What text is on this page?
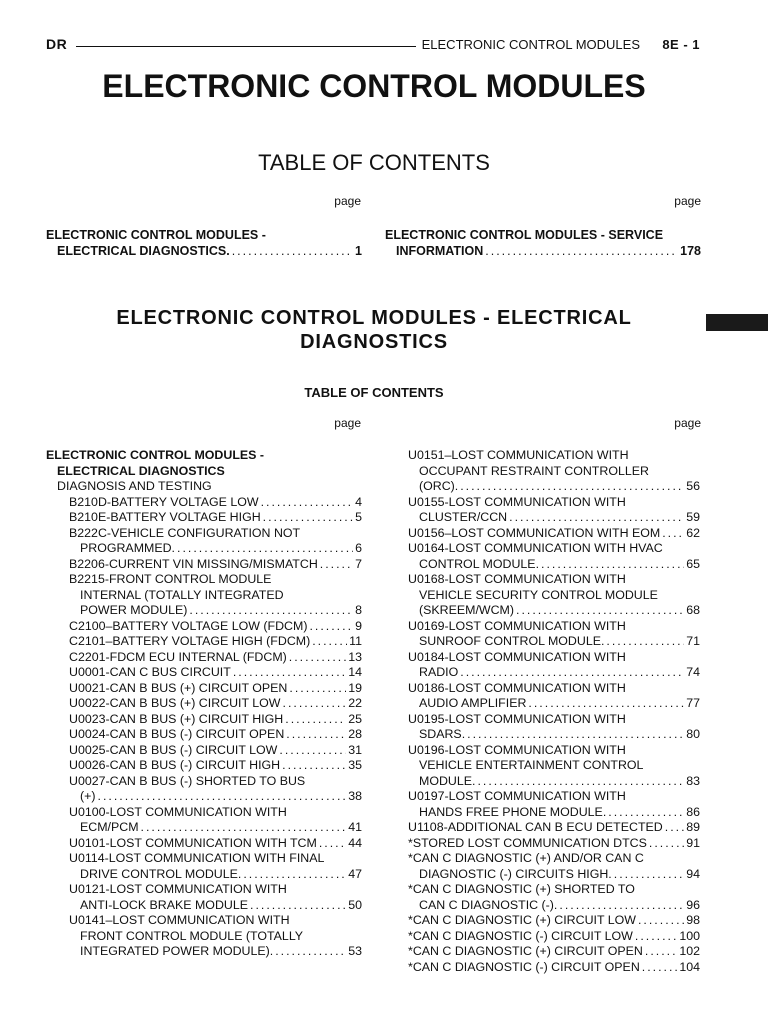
DR	ELECTRONIC CONTROL MODULES 8E - 1
ELECTRONIC CONTROL MODULES
TABLE OF CONTENTS
page	page
ELECTRONIC CONTROL MODULES -
ELECTRICAL DIAGNOSTICS. .....	1
ELECTRONIC CONTROL MODULES - SERVICE
INFORMATION .....	178
ELECTRONIC CONTROL MODULES - ELECTRICAL
DIAGNOSTICS
TABLE OF CONTENTS
page	page
ELECTRONIC CONTROL MODULES -
ELECTRICAL DIAGNOSTICS
DIAGNOSIS AND TESTING
B210D-BATTERY VOLTAGE LOW .....	4
B210E-BATTERY VOLTAGE HIGH .....	5
B222C-VEHICLE CONFIGURATION NOT
PROGRAMMED. .....	6
B2206-CURRENT VIN MISSING/MISMATCH .....	7
B2215-FRONT CONTROL MODULE
INTERNAL (TOTALLY INTEGRATED
POWER MODULE) .....	8
C2100–BATTERY VOLTAGE LOW (FDCM) .....	9
C2101–BATTERY VOLTAGE HIGH (FDCM) .....	11
C2201-FDCM ECU INTERNAL (FDCM) .....	13
U0001-CAN C BUS CIRCUIT .....	14
U0021-CAN B BUS (+) CIRCUIT OPEN .....	19
U0022-CAN B BUS (+) CIRCUIT LOW .....	22
U0023-CAN B BUS (+) CIRCUIT HIGH .....	25
U0024-CAN B BUS (-) CIRCUIT OPEN .....	28
U0025-CAN B BUS (-) CIRCUIT LOW .....	31
U0026-CAN B BUS (-) CIRCUIT HIGH .....	35
U0027-CAN B BUS (-) SHORTED TO BUS
(+) .....	38
U0100-LOST COMMUNICATION WITH
ECM/PCM .....	41
U0101-LOST COMMUNICATION WITH TCM .....	44
U0114-LOST COMMUNICATION WITH FINAL
DRIVE CONTROL MODULE. .....	47
U0121-LOST COMMUNICATION WITH
ANTI-LOCK BRAKE MODULE .....	50
U0141–LOST COMMUNICATION WITH
FRONT CONTROL MODULE (TOTALLY
INTEGRATED POWER MODULE). .....	53
U0151–LOST COMMUNICATION WITH
OCCUPANT RESTRAINT CONTROLLER
(ORC). .....	56
U0155-LOST COMMUNICATION WITH
CLUSTER/CCN .....	59
U0156–LOST COMMUNICATION WITH EOM ..... 62
U0164-LOST COMMUNICATION WITH HVAC
CONTROL MODULE. .....	65
U0168-LOST COMMUNICATION WITH
VEHICLE SECURITY CONTROL MODULE
(SKREEM/WCM) .....	68
U0169-LOST COMMUNICATION WITH
SUNROOF CONTROL MODULE. .....	71
U0184-LOST COMMUNICATION WITH
RADIO .....	74
U0186-LOST COMMUNICATION WITH
AUDIO AMPLIFIER .....	77
U0195-LOST COMMUNICATION WITH
SDARS. .....	80
U0196-LOST COMMUNICATION WITH
VEHICLE ENTERTAINMENT CONTROL
MODULE. .....	83
U0197-LOST COMMUNICATION WITH
HANDS FREE PHONE MODULE. .....	86
U1108-ADDITIONAL CAN B ECU DETECTED ..... 89
*STORED LOST COMMUNICATION DTCS .....	91
*CAN C DIAGNOSTIC (+) AND/OR CAN C
DIAGNOSTIC (-) CIRCUITS HIGH. .....	94
*CAN C DIAGNOSTIC (+) SHORTED TO
CAN C DIAGNOSTIC (-). .....	96
*CAN C DIAGNOSTIC (+) CIRCUIT LOW .....	98
*CAN C DIAGNOSTIC (-) CIRCUIT LOW .....	100
*CAN C DIAGNOSTIC (+) CIRCUIT OPEN .....	102
*CAN C DIAGNOSTIC (-) CIRCUIT OPEN .....	104
